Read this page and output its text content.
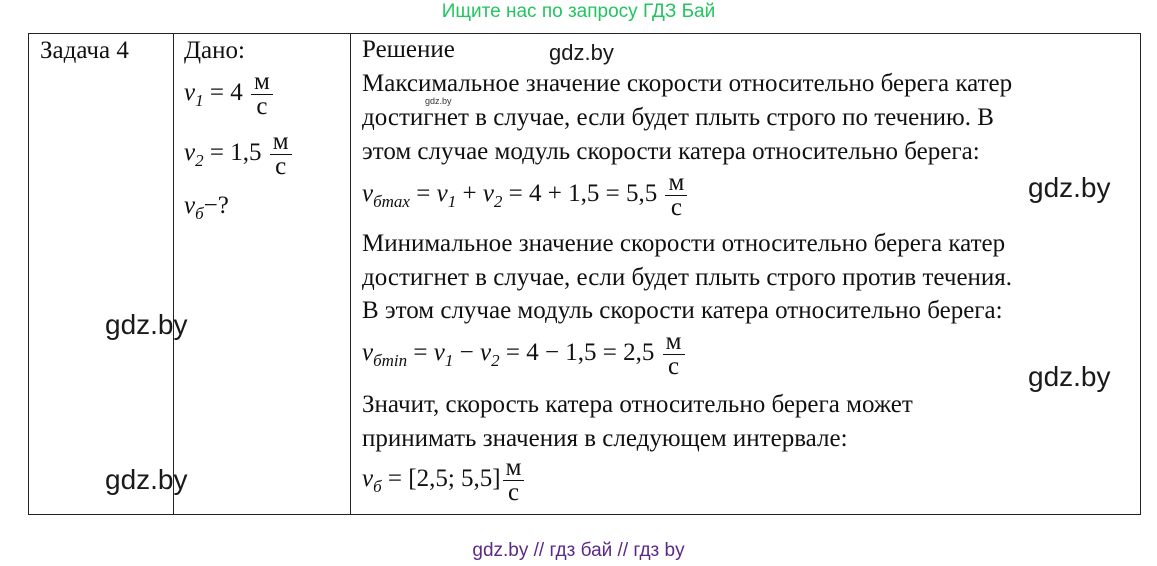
Ищите нас по запросу ГДЗ Бай
Задача 4 Дано:
$v_1 = 4 \frac{м}{с}$
$v_2 = 1,5 \frac{м}{с}$
$v_б-$?
Решение
Максимальное значение скорости относительно берега катер
достигнет в случае, если будет плыть строго по течению. В
этом случае модуль скорости катера относительно берега:
$v_{бmax} = v_1 + v_2 = 4 + 1,5 = 5,5 \frac{м}{с}$
Минимальное значение скорости относительно берега катер
достигнет в случае, если будет плыть строго против течения.
В этом случае модуль скорости катера относительно берега:
$v_{бmin} = v_1 - v_2 = 4 - 1,5 = 2,5 \frac{м}{с}$
Значит, скорость катера относительно берега может
принимать значения в следующем интервале:
$v_б = [2,5$; $5,5] \frac{м}{с}$
gdz.by
gdz.by
gdz.by
gdz.by
gdz.by
gdz.by
gdz.by // гдз бай // гдз by
